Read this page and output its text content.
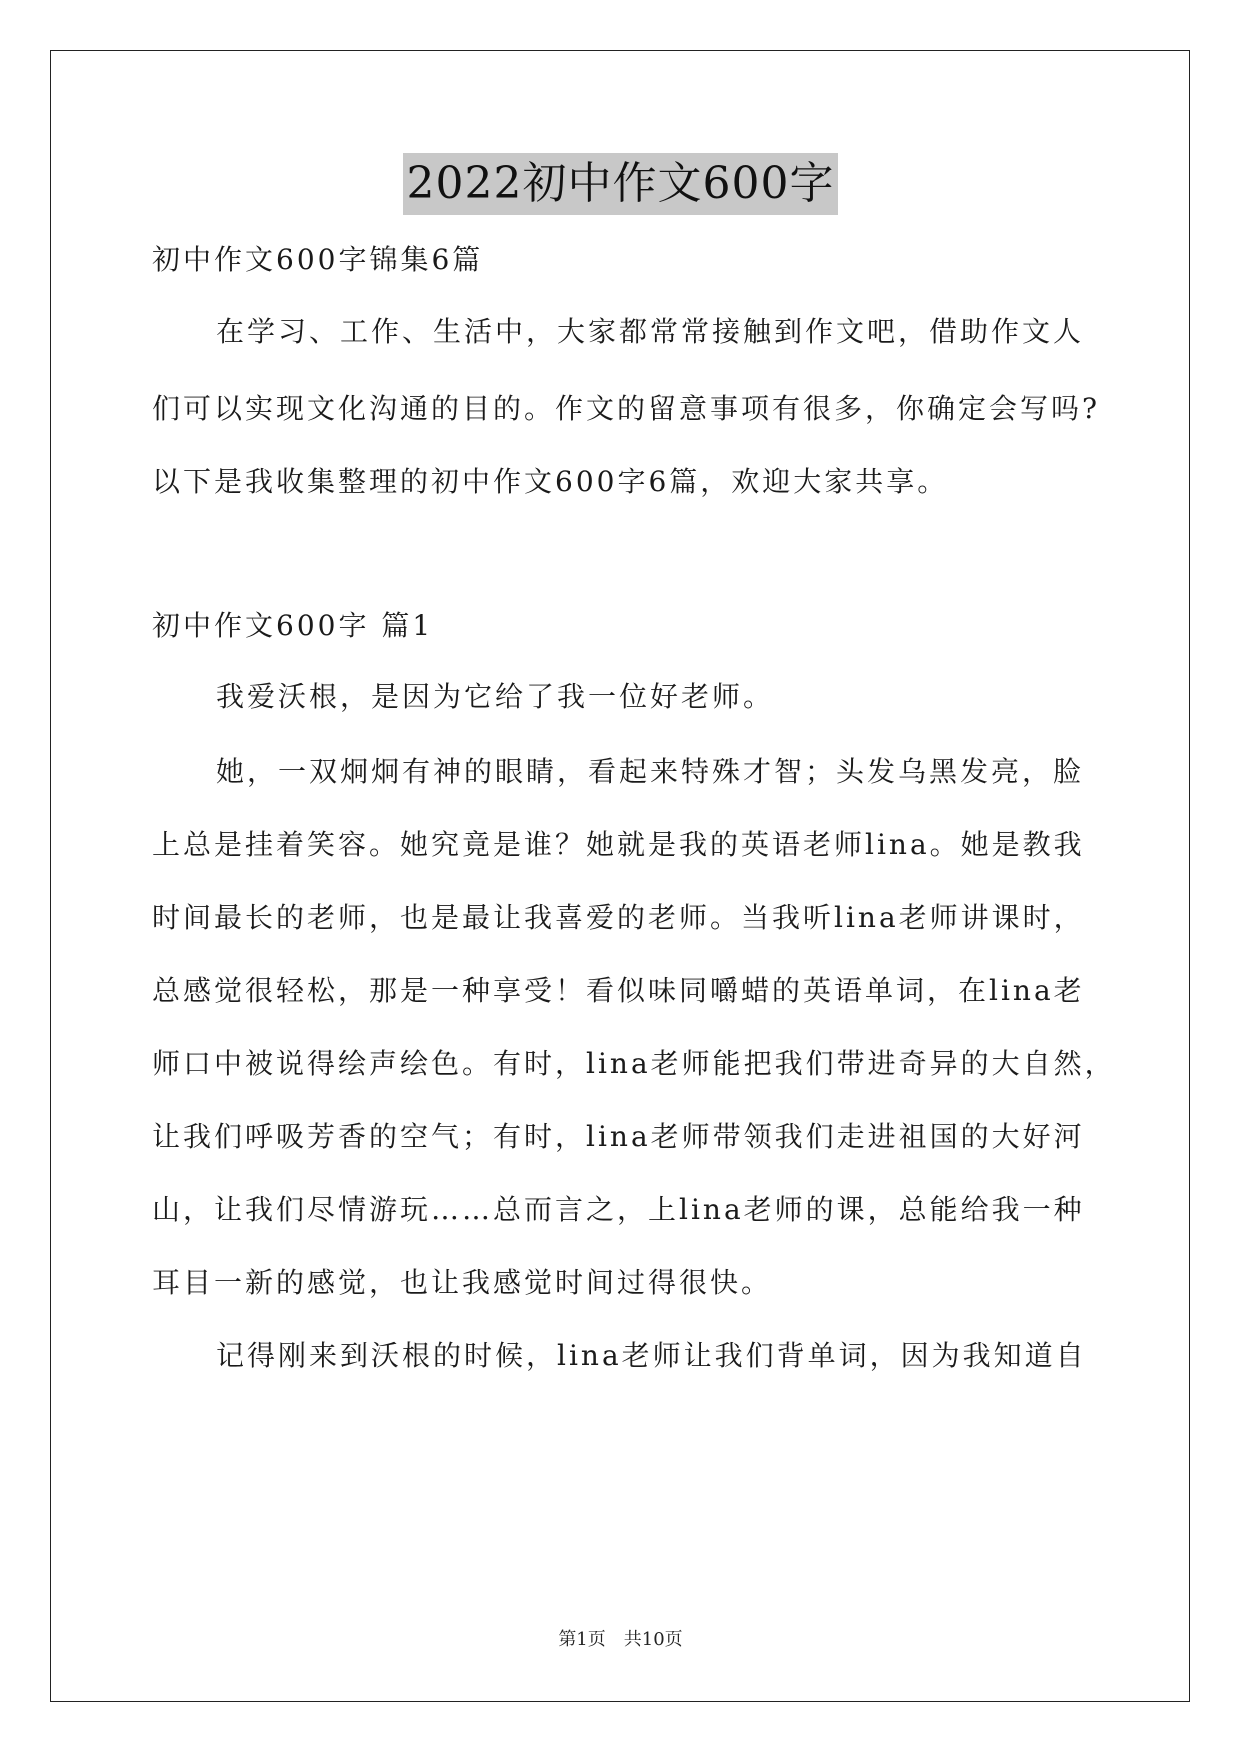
2022初中作文600字
初中作文600字锦集6篇
在学习、工作、生活中，大家都常常接触到作文吧，借助作文人
们可以实现文化沟通的目的。作文的留意事项有很多，你确定会写吗?
以下是我收集整理的初中作文600字6篇，欢迎大家共享。
初中作文600字 篇1
我爱沃根，是因为它给了我一位好老师。
她，一双炯炯有神的眼睛，看起来特殊才智；头发乌黑发亮，脸
上总是挂着笑容。她究竟是谁？她就是我的英语老师lina。她是教我
时间最长的老师，也是最让我喜爱的老师。当我听lina老师讲课时，
总感觉很轻松，那是一种享受！看似味同嚼蜡的英语单词，在lina老
师口中被说得绘声绘色。有时，lina老师能把我们带进奇异的大自然，
让我们呼吸芳香的空气；有时，lina老师带领我们走进祖国的大好河
山，让我们尽情游玩……总而言之，上lina老师的课，总能给我一种
耳目一新的感觉，也让我感觉时间过得很快。
记得刚来到沃根的时候，lina老师让我们背单词，因为我知道自
第1页　共10页
